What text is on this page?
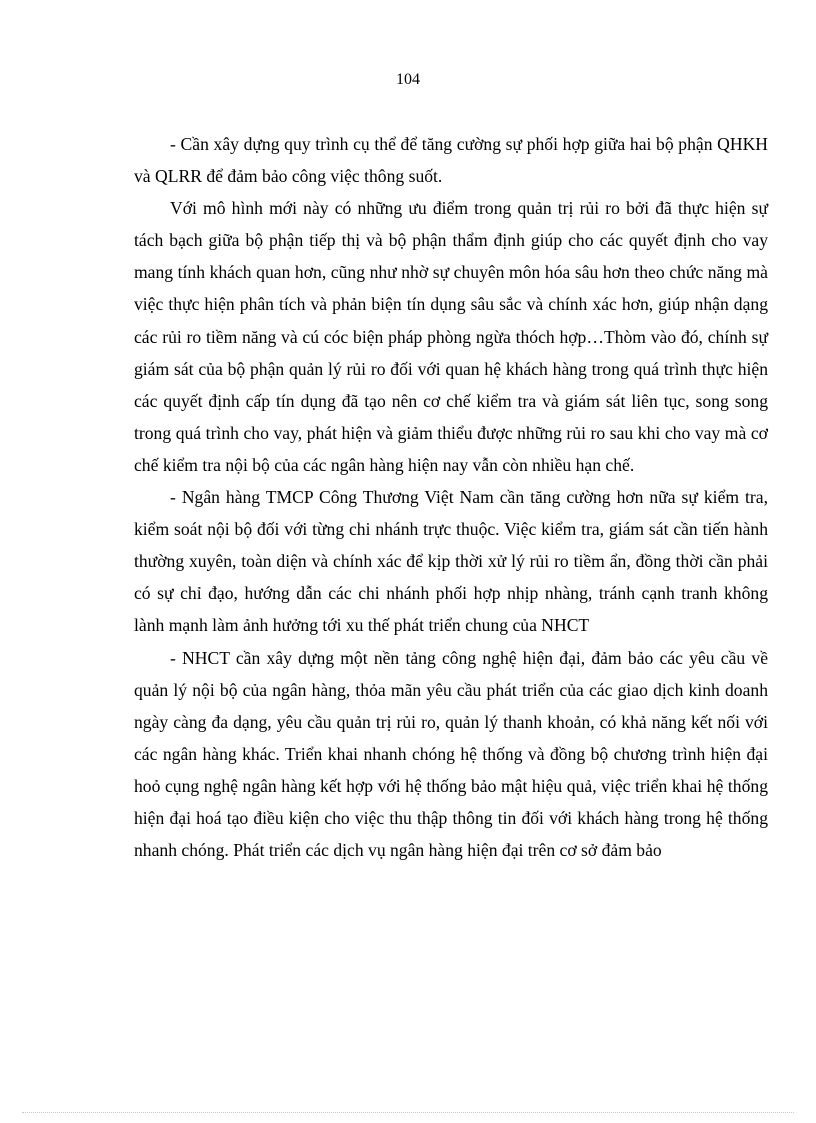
104

- Cần xây dựng quy trình cụ thể để tăng cường sự phối hợp giữa hai bộ phận QHKH và QLRR để đảm bảo công việc thông suốt.

Với mô hình mới này có những ưu điểm trong quản trị rủi ro bởi đã thực hiện sự tách bạch giữa bộ phận tiếp thị và bộ phận thẩm định giúp cho các quyết định cho vay mang tính khách quan hơn, cũng như nhờ sự chuyên môn hóa sâu hơn theo chức năng mà việc thực hiện phân tích và phản biện tín dụng sâu sắc và chính xác hơn, giúp nhận dạng các rủi ro tiềm năng và cú cóc biện pháp phòng ngừa thóch hợp…Thòm vào đó, chính sự giám sát của bộ phận quản lý rủi ro đối với quan hệ khách hàng trong quá trình thực hiện các quyết định cấp tín dụng đã tạo nên cơ chế kiểm tra và giám sát liên tục, song song trong quá trình cho vay, phát hiện và giảm thiểu được những rủi ro sau khi cho vay mà cơ chế kiểm tra nội bộ của các ngân hàng hiện nay vẫn còn nhiều hạn chế.

- Ngân hàng TMCP Công Thương Việt Nam cần tăng cường hơn nữa sự kiểm tra, kiểm soát nội bộ đối với từng chi nhánh trực thuộc. Việc kiểm tra, giám sát cần tiến hành thường xuyên, toàn diện và chính xác để kịp thời xử lý rủi ro tiềm ẩn, đồng thời cần phải có sự chỉ đạo, hướng dẫn các chi nhánh phối hợp nhịp nhàng, tránh cạnh tranh không lành mạnh làm ảnh hưởng tới xu thế phát triển chung của NHCT

- NHCT cần xây dựng một nền tảng công nghệ hiện đại, đảm bảo các yêu cầu về quản lý nội bộ của ngân hàng, thỏa mãn yêu cầu phát triển của các giao dịch kinh doanh ngày càng đa dạng, yêu cầu quản trị rủi ro, quản lý thanh khoản, có khả năng kết nối với các ngân hàng khác. Triển khai nhanh chóng hệ thống và đồng bộ chương trình hiện đại hoỏ cụng nghệ ngân hàng kết hợp với hệ thống bảo mật hiệu quả, việc triển khai hệ thống hiện đại hoá tạo điều kiện cho việc thu thập thông tin đối với khách hàng trong hệ thống nhanh chóng. Phát triển các dịch vụ ngân hàng hiện đại trên cơ sở đảm bảo
